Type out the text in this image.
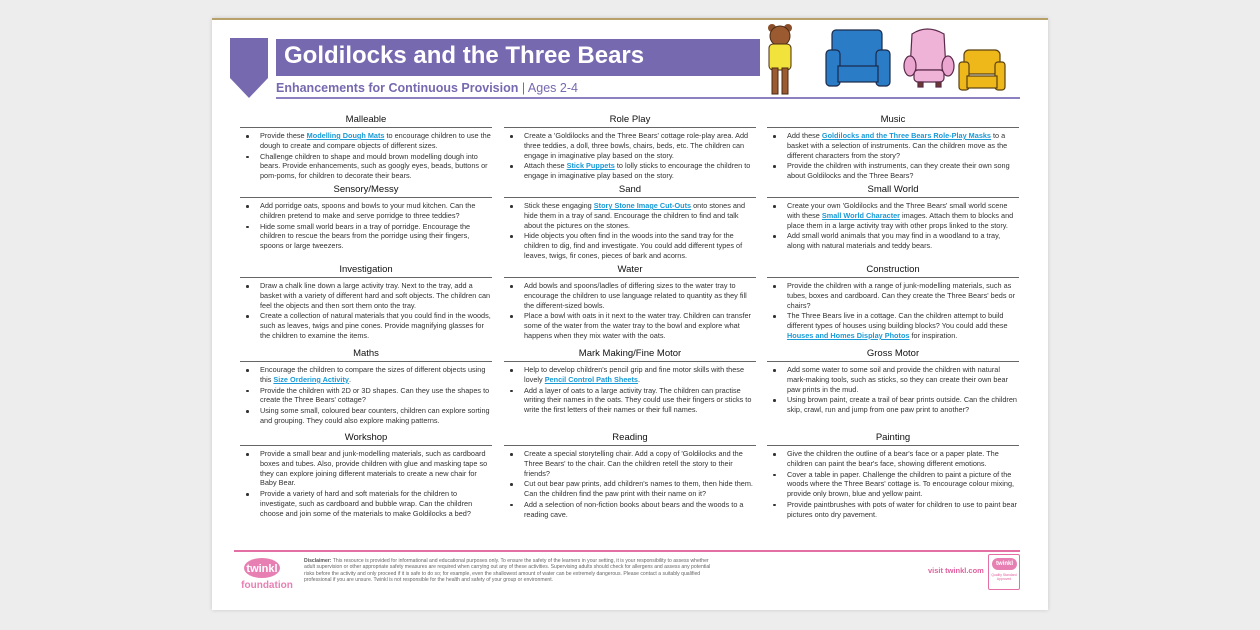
Goldilocks and the Three Bears
Enhancements for Continuous Provision | Ages 2-4
Malleable
Provide these Modelling Dough Mats to encourage children to use the dough to create and compare objects of different sizes.
Challenge children to shape and mould brown modelling dough into bears. Provide enhancements, such as googly eyes, beads, buttons or pom-poms, for children to decorate their bears.
Sensory/Messy
Add porridge oats, spoons and bowls to your mud kitchen. Can the children pretend to make and serve porridge to three teddies?
Hide some small world bears in a tray of porridge. Encourage the children to rescue the bears from the porridge using their fingers, spoons or large tweezers.
Investigation
Draw a chalk line down a large activity tray. Next to the tray, add a basket with a variety of different hard and soft objects. The children can feel the objects and then sort them onto the tray.
Create a collection of natural materials that you could find in the woods, such as leaves, twigs and pine cones. Provide magnifying glasses for the children to examine the items.
Maths
Encourage the children to compare the sizes of different objects using this Size Ordering Activity.
Provide the children with 2D or 3D shapes. Can they use the shapes to create the Three Bears' cottage?
Using some small, coloured bear counters, children can explore sorting and grouping. They could also explore making patterns.
Workshop
Provide a small bear and junk-modelling materials, such as cardboard boxes and tubes. Also, provide children with glue and masking tape so they can explore joining different materials to create a new chair for Baby Bear.
Provide a variety of hard and soft materials for the children to investigate, such as cardboard and bubble wrap. Can the children choose and join some of the materials to make Goldilocks a bed?
Role Play
Create a 'Goldilocks and the Three Bears' cottage role-play area. Add three teddies, a doll, three bowls, chairs, beds, etc. The children can engage in imaginative play based on the story.
Attach these Stick Puppets to lolly sticks to encourage the children to engage in imaginative play based on the story.
Sand
Stick these engaging Story Stone Image Cut-Outs onto stones and hide them in a tray of sand. Encourage the children to find and talk about the pictures on the stones.
Hide objects you often find in the woods into the sand tray for the children to dig, find and investigate. You could add different types of leaves, twigs, fir cones, pieces of bark and acorns.
Water
Add bowls and spoons/ladles of differing sizes to the water tray to encourage the children to use language related to quantity as they fill the different-sized bowls.
Place a bowl with oats in it next to the water tray. Children can transfer some of the water from the water tray to the bowl and explore what happens when they mix water with the oats.
Mark Making/Fine Motor
Help to develop children's pencil grip and fine motor skills with these lovely Pencil Control Path Sheets.
Add a layer of oats to a large activity tray. The children can practise writing their names in the oats. They could use their fingers or sticks to write the first letters of their names or their full names.
Reading
Create a special storytelling chair. Add a copy of 'Goldilocks and the Three Bears' to the chair. Can the children retell the story to their friends?
Cut out bear paw prints, add children's names to them, then hide them. Can the children find the paw print with their name on it?
Add a selection of non-fiction books about bears and the woods to a reading cave.
Music
Add these Goldilocks and the Three Bears Role-Play Masks to a basket with a selection of instruments. Can the children move as the different characters from the story?
Provide the children with instruments, can they create their own song about Goldilocks and the Three Bears?
Small World
Create your own 'Goldilocks and the Three Bears' small world scene with these Small World Character images. Attach them to blocks and place them in a large activity tray with other props linked to the story.
Add small world animals that you may find in a woodland to a tray, along with natural materials and teddy bears.
Construction
Provide the children with a range of junk-modelling materials, such as tubes, boxes and cardboard. Can they create the Three Bears' beds or chairs?
The Three Bears live in a cottage. Can the children attempt to build different types of houses using building blocks? You could add these Houses and Homes Display Photos for inspiration.
Gross Motor
Add some water to some soil and provide the children with natural mark-making tools, such as sticks, so they can create their own bear paw prints in the mud.
Using brown paint, create a trail of bear prints outside. Can the children skip, crawl, run and jump from one paw print to another?
Painting
Give the children the outline of a bear's face or a paper plate. The children can paint the bear's face, showing different emotions.
Cover a table in paper. Challenge the children to paint a picture of the woods where the Three Bears' cottage is. To encourage colour mixing, provide only brown, blue and yellow paint.
Provide paintbrushes with pots of water for children to use to paint bear pictures onto dry pavement.
twinkl
foundation
Disclaimer: This resource is provided for informational and educational purposes only. To ensure the safety of the learners in your setting, it is your responsibility to assess whether adult supervision or other appropriate safety measures are required when carrying out any of these activities. Supervising adults should check for allergens and assess any potential risks before the activity and only proceed if it is safe to do so; for example, even the shallowest amount of water can be extremely dangerous. Please contact a suitably qualified professional if you are unsure. Twinkl is not responsible for the health and safety of your group or environment.
visit twinkl.com
twinkl
Quality Standard Approved
